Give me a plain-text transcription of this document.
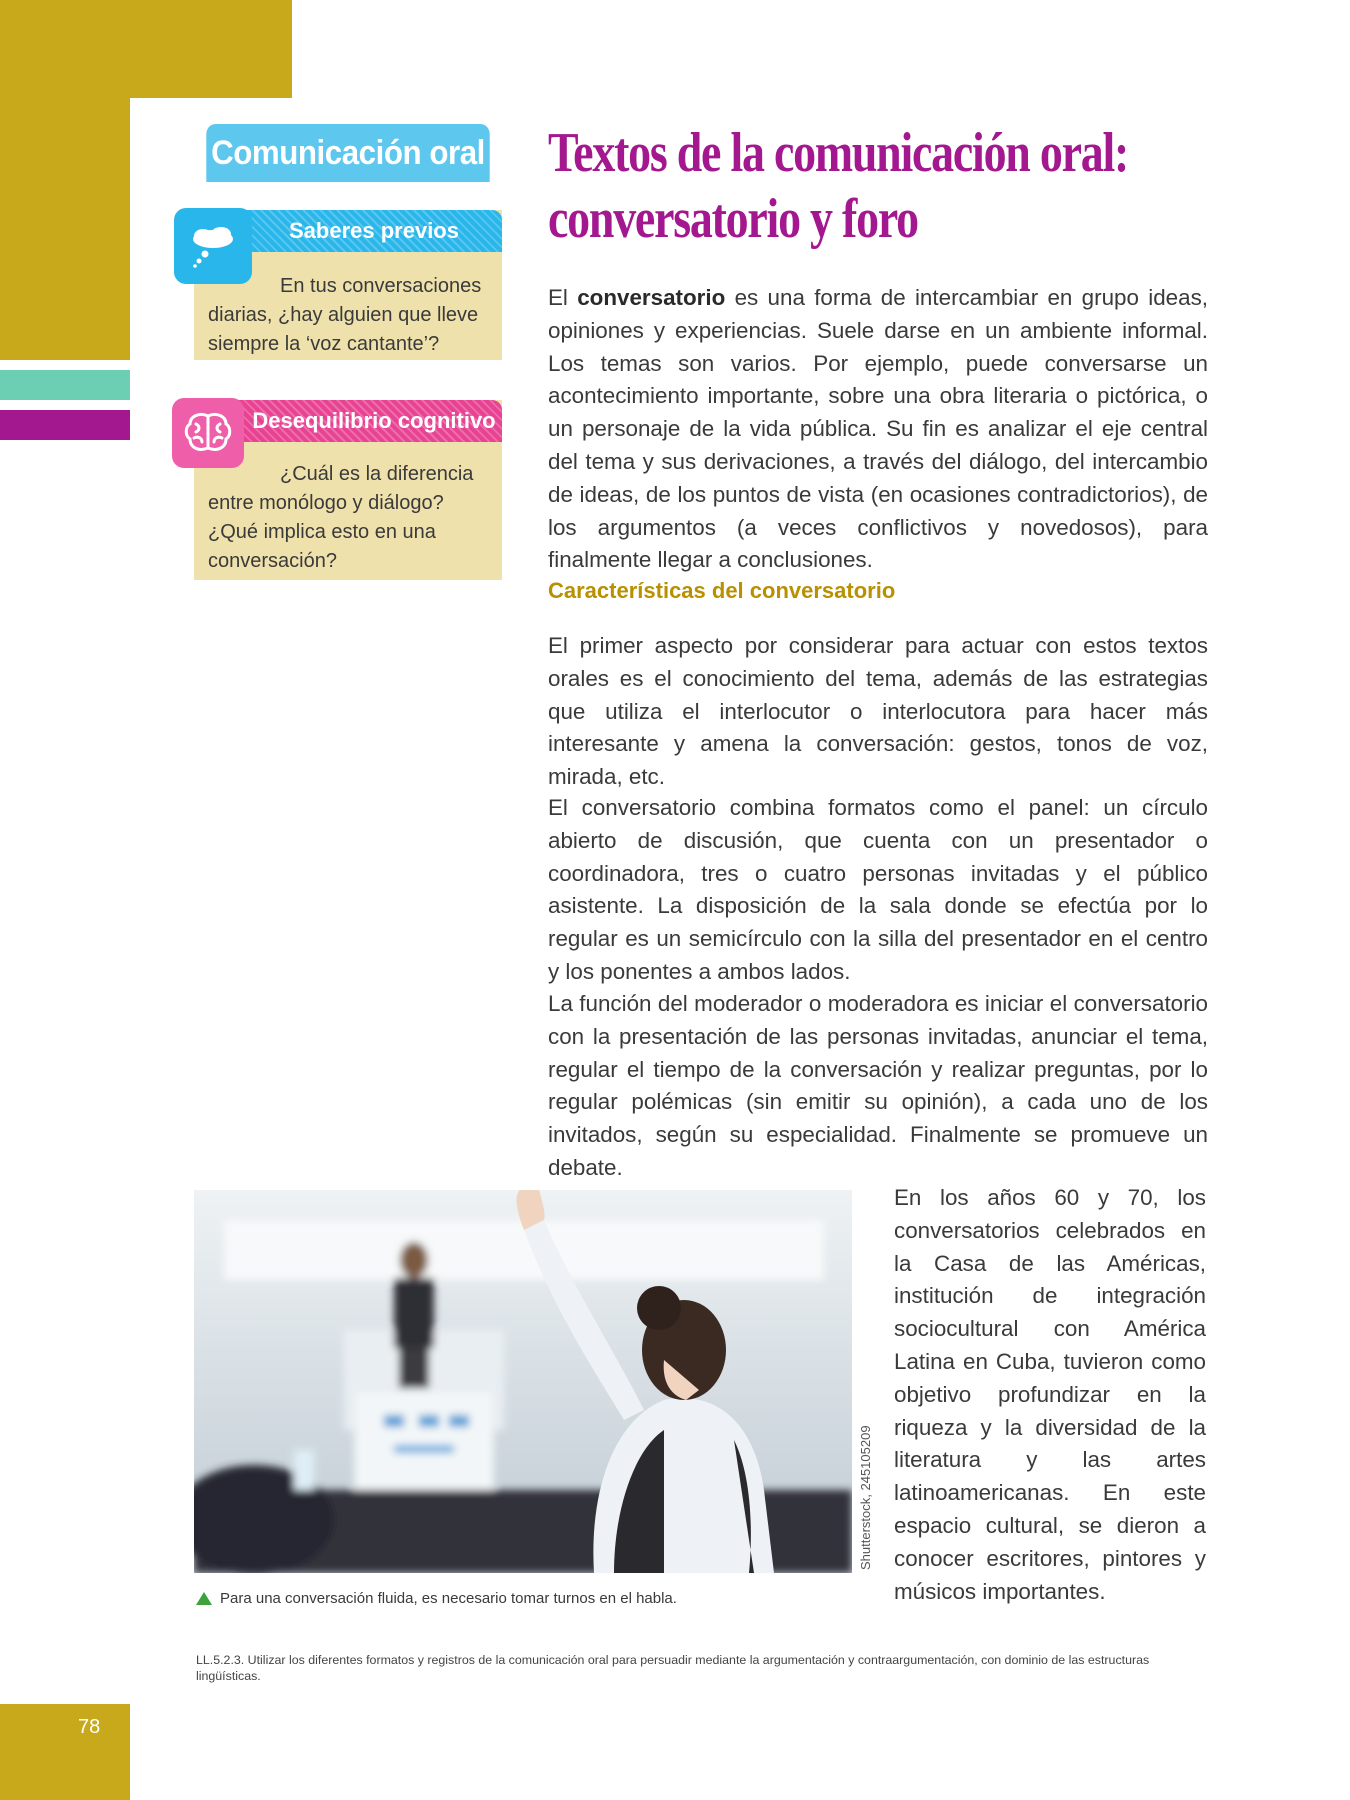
78
Comunicación oral
Saberes previos
En tus conversaciones diarias, ¿hay alguien que lleve siempre la ‘voz cantante’?
Desequilibrio cognitivo
¿Cuál es la diferencia entre monólogo y diálogo? ¿Qué implica esto en una conversación?
Textos de la comunicación oral:
conversatorio y foro

El conversatorio es una forma de intercambiar en grupo ideas, opiniones y experiencias. Suele darse en un ambiente informal. Los temas son varios. Por ejemplo, puede conversarse un acontecimiento importante, sobre una obra literaria o pictórica, o un personaje de la vida pública. Su fin es analizar el eje central del tema y sus derivaciones, a través del diálogo, del intercambio de ideas, de los puntos de vista (en ocasiones contradictorios), de los argumentos (a veces conflictivos y novedosos), para finalmente llegar a conclusiones.

Características del conversatorio

El primer aspecto por considerar para actuar con estos textos orales es el conocimiento del tema, además de las estrategias que utiliza el interlocutor o interlocutora para hacer más interesante y amena la conversación: gestos, tonos de voz, mirada, etc.

El conversatorio combina formatos como el panel: un círculo abierto de discusión, que cuenta con un presentador o coordinadora, tres o cuatro personas invitadas y el público asistente. La disposición de la sala donde se efectúa por lo regular es un semicírculo con la silla del presentador en el centro y los ponentes a ambos lados.

La función del moderador o moderadora es iniciar el conversatorio con la presentación de las personas invitadas, anunciar el tema, regular el tiempo de la conversación y realizar preguntas, por lo regular polémicas (sin emitir su opinión), a cada uno de los invitados, según su especialidad. Finalmente se promueve un debate.

Shutterstock, 245105209

En los años 60 y 70, los conversatorios celebrados en la Casa de las Américas, institución de integración sociocultural con América Latina en Cuba, tuvieron como objetivo profundizar en la riqueza y la diversidad de la literatura y las artes latinoamericanas. En este espacio cultural, se dieron a conocer escritores, pintores y músicos importantes.

Para una conversación fluida, es necesario tomar turnos en el habla.
LL.5.2.3. Utilizar los diferentes formatos y registros de la comunicación oral para persuadir mediante la argumentación y contraargumentación, con dominio de las estructuras lingüísticas.
